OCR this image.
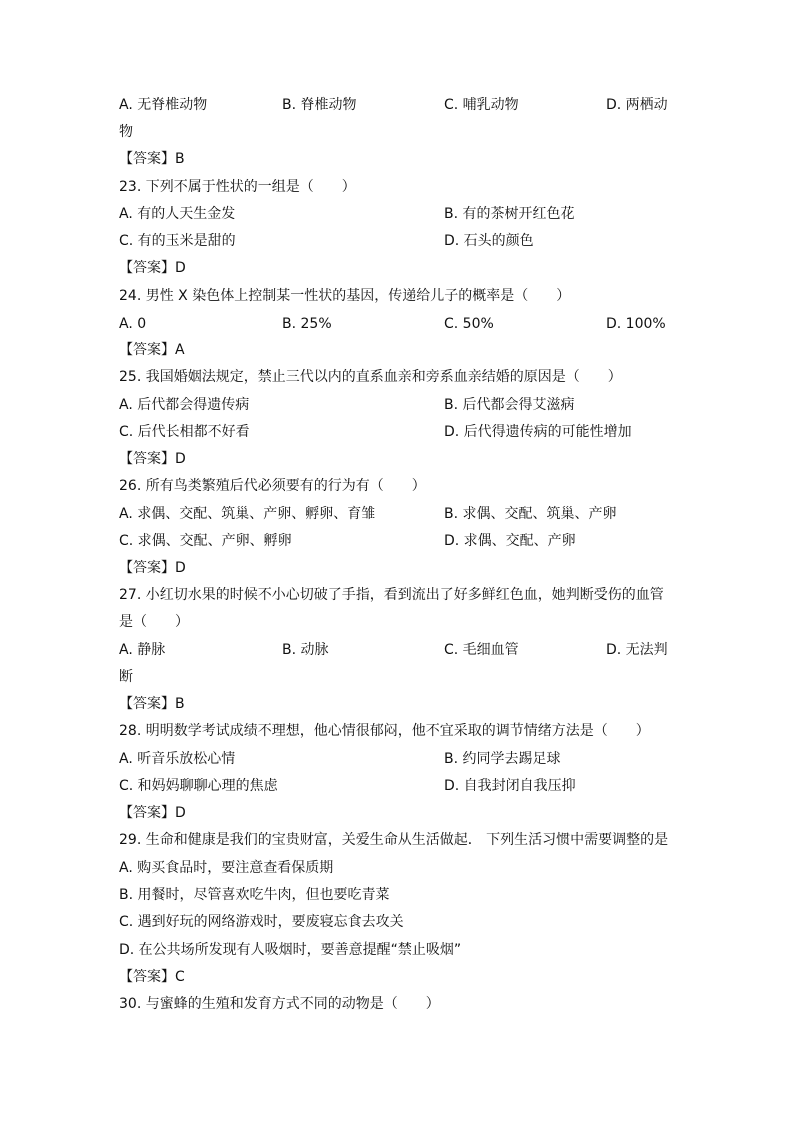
A. 无脊椎动物	B. 脊椎动物	C. 哺乳动物	D. 两栖动
物
【答案】B
23. 下列不属于性状的一组是（　　）
A. 有的人天生金发	B. 有的茶树开红色花
C. 有的玉米是甜的	D. 石头的颜色
【答案】D
24. 男性 X 染色体上控制某一性状的基因，传递给儿子的概率是（　　）
A. 0	B. 25%	C. 50%	D. 100%
【答案】A
25. 我国婚姻法规定，禁止三代以内的直系血亲和旁系血亲结婚的原因是（　　）
A. 后代都会得遗传病	B. 后代都会得艾滋病
C. 后代长相都不好看	D. 后代得遗传病的可能性增加
【答案】D
26. 所有鸟类繁殖后代必须要有的行为有（　　）
A. 求偶、交配、筑巢、产卵、孵卵、育雏	B. 求偶、交配、筑巢、产卵
C. 求偶、交配、产卵、孵卵	D. 求偶、交配、产卵
【答案】D
27. 小红切水果的时候不小心切破了手指，看到流出了好多鲜红色血，她判断受伤的血管
是（　　）
A. 静脉	B. 动脉	C. 毛细血管	D. 无法判
断
【答案】B
28. 明明数学考试成绩不理想，他心情很郁闷，他不宜采取的调节情绪方法是（　　）
A. 听音乐放松心情	B. 约同学去踢足球
C. 和妈妈聊聊心理的焦虑	D. 自我封闭自我压抑
【答案】D
29. 生命和健康是我们的宝贵财富，关爱生命从生活做起． 下列生活习惯中需要调整的是
A. 购买食品时，要注意查看保质期
B. 用餐时，尽管喜欢吃牛肉，但也要吃青菜
C. 遇到好玩的网络游戏时，要废寝忘食去攻关
D. 在公共场所发现有人吸烟时，要善意提醒“禁止吸烟”
【答案】C
30. 与蜜蜂的生殖和发育方式不同的动物是（　　）
